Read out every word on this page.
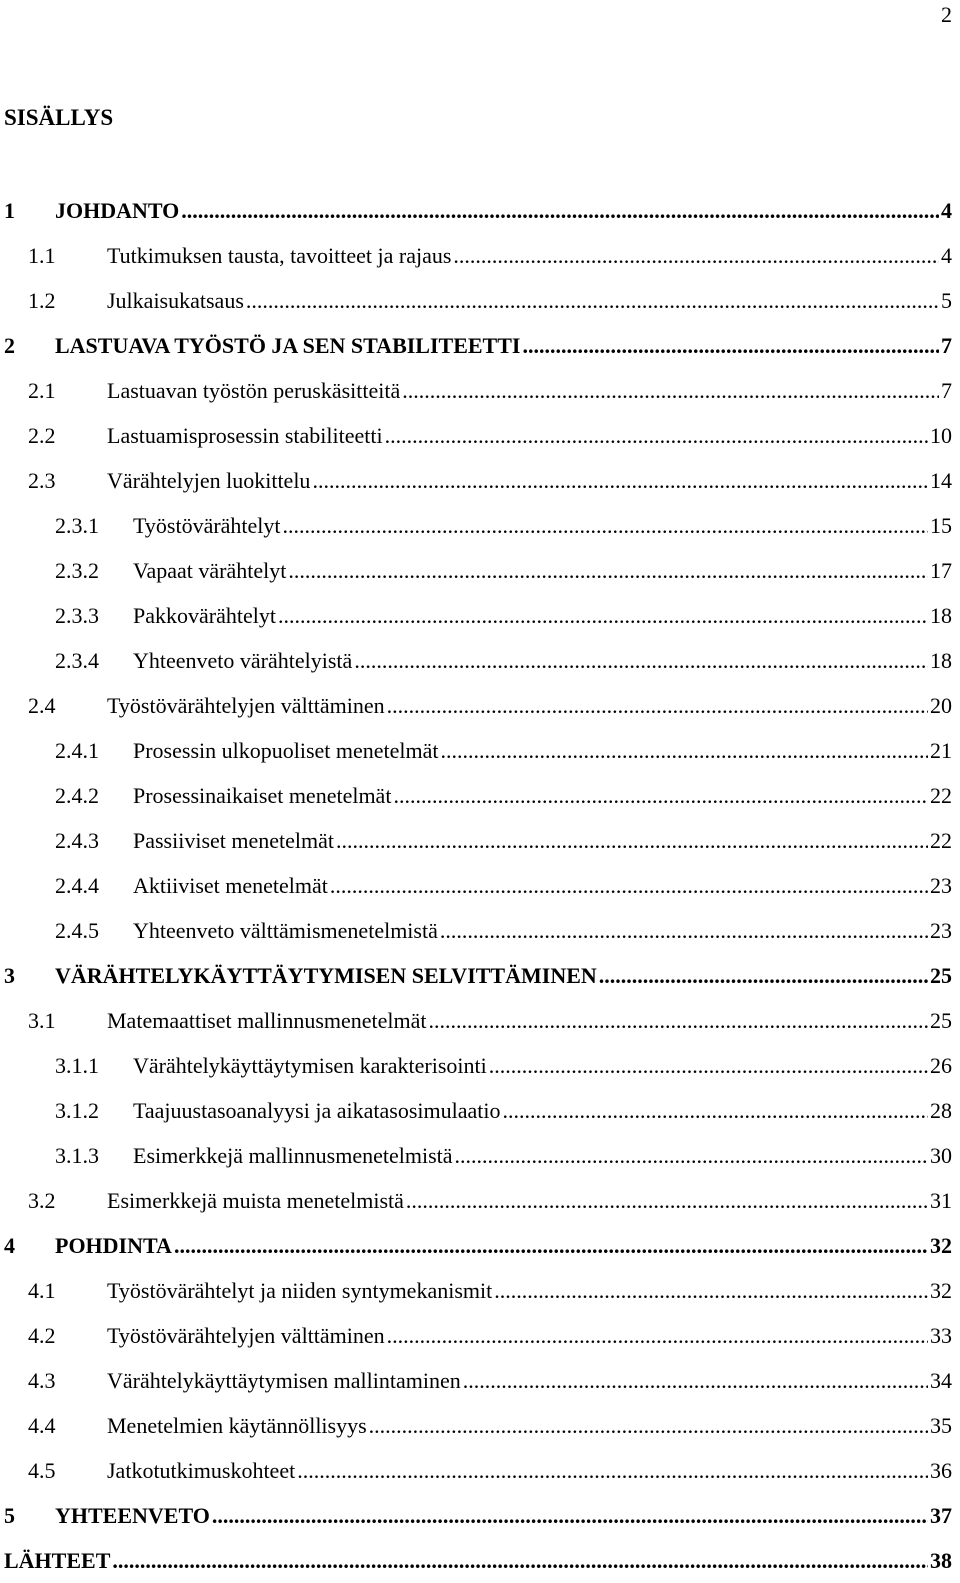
2
SISÄLLYS
1 JOHDANTO .....	4
1.1 Tutkimuksen tausta, tavoitteet ja rajaus .....	4
1.2 Julkaisukatsaus .....	5
2 LASTUAVA TYÖSTÖ JA SEN STABILITEETTI .....	7
2.1 Lastuavan työstön peruskäsitteitä .....	7
2.2 Lastuamisprosessin stabiliteetti .....	10
2.3 Värähtelyjen luokittelu .....	14
2.3.1 Työstövärähtelyt .....	15
2.3.2 Vapaat värähtelyt .....	17
2.3.3 Pakkovärähtelyt .....	18
2.3.4 Yhteenveto värähtelyistä .....	18
2.4 Työstövärähtelyjen välttäminen .....	20
2.4.1 Prosessin ulkopuoliset menetelmät .....	21
2.4.2 Prosessinaikaiset menetelmät .....	22
2.4.3 Passiiviset menetelmät .....	22
2.4.4 Aktiiviset menetelmät .....	23
2.4.5 Yhteenveto välttämismenetelmistä .....	23
3 VÄRÄHTELYKÄYTTÄYTYMISEN SELVITTÄMINEN .....	25
3.1 Matemaattiset mallinnusmenetelmät .....	25
3.1.1 Värähtelykäyttäytymisen karakterisointi .....	26
3.1.2 Taajuustasoanalyysi ja aikatasosimulaatio .....	28
3.1.3 Esimerkkejä mallinnusmenetelmistä .....	30
3.2 Esimerkkejä muista menetelmistä .....	31
4 POHDINTA .....	32
4.1 Työstövärähtelyt ja niiden syntymekanismit .....	32
4.2 Työstövärähtelyjen välttäminen .....	33
4.3 Värähtelykäyttäytymisen mallintaminen .....	34
4.4 Menetelmien käytännöllisyys .....	35
4.5 Jatkotutkimuskohteet .....	36
5 YHTEENVETO .....	37
LÄHTEET .....	38
